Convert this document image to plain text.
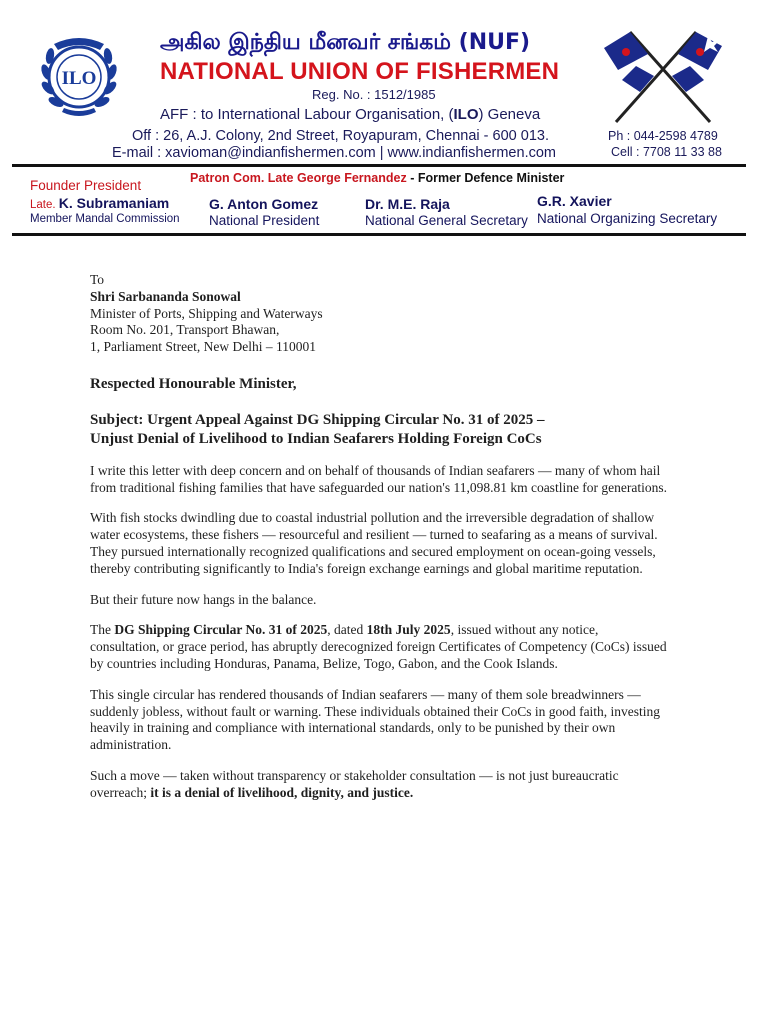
ILO
அகில இந்திய மீனவர் சங்கம் (NUF)
NATIONAL UNION OF FISHERMEN
Reg. No. : 1512/1985
AFF : to International Labour Organisation, (ILO) Geneva
Off : 26, A.J. Colony, 2nd Street, Royapuram, Chennai - 600 013.
E-mail : xavioman@indianfishermen.com | www.indianfishermen.com
Ph : 044-2598 4789
Cell : 7708 11 33 88
Patron Com. Late George Fernandez - Former Defence Minister
Founder President
Late. K. Subramaniam
Member Mandal Commission
G. Anton Gomez
National President
Dr. M.E. Raja
National General Secretary
G.R. Xavier
National Organizing Secretary

To

Shri Sarbananda Sonowal

Minister of Ports, Shipping and Waterways

Room No. 201, Transport Bhawan,

1, Parliament Street, New Delhi – 110001

Respected Honourable Minister,

Subject: Urgent Appeal Against DG Shipping Circular No. 31 of 2025 –
Unjust Denial of Livelihood to Indian Seafarers Holding Foreign CoCs

I write this letter with deep concern and on behalf of thousands of Indian seafarers — many of whom hail from traditional fishing families that have safeguarded our nation's 11,098.81 km coastline for generations.

With fish stocks dwindling due to coastal industrial pollution and the irreversible degradation of shallow water ecosystems, these fishers — resourceful and resilient — turned to seafaring as a means of survival. They pursued internationally recognized qualifications and secured employment on ocean-going vessels, thereby contributing significantly to India's foreign exchange earnings and global maritime reputation.

But their future now hangs in the balance.

The DG Shipping Circular No. 31 of 2025, dated 18th July 2025, issued without any notice, consultation, or grace period, has abruptly derecognized foreign Certificates of Competency (CoCs) issued by countries including Honduras, Panama, Belize, Togo, Gabon, and the Cook Islands.

This single circular has rendered thousands of Indian seafarers — many of them sole breadwinners — suddenly jobless, without fault or warning. These individuals obtained their CoCs in good faith, investing heavily in training and compliance with international standards, only to be punished by their own administration.

Such a move — taken without transparency or stakeholder consultation — is not just bureaucratic overreach; it is a denial of livelihood, dignity, and justice.
